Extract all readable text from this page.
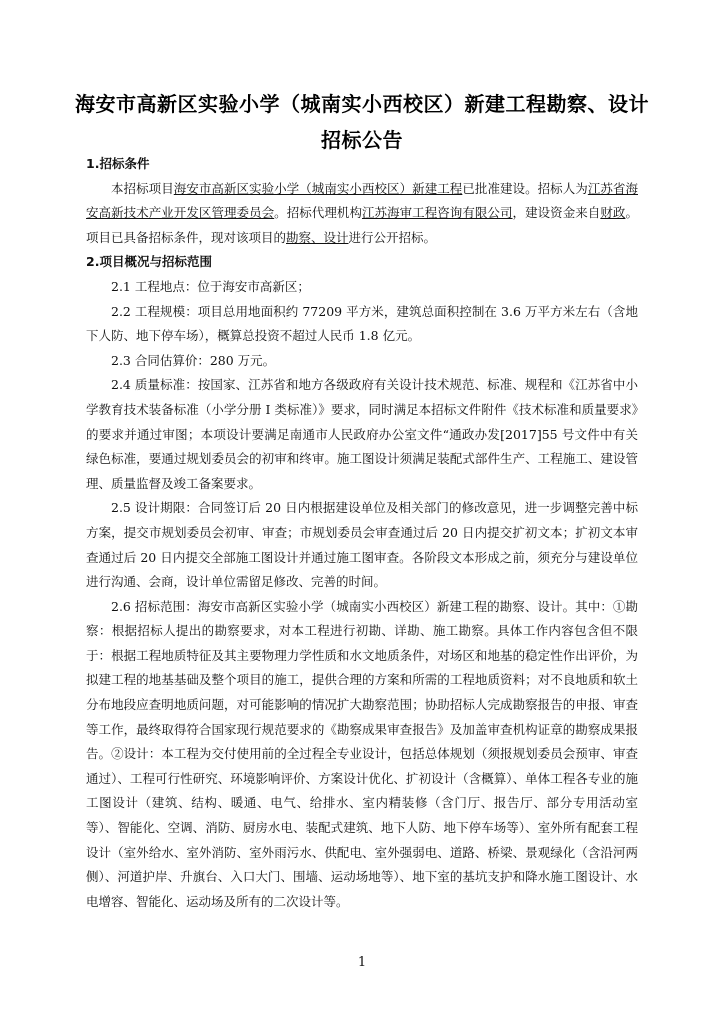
海安市高新区实验小学（城南实小西校区）新建工程勘察、设计
招标公告
1.招标条件

本招标项目海安市高新区实验小学（城南实小西校区）新建工程已批准建设。招标人为江苏省海安高新技术产业开发区管理委员会。招标代理机构江苏海审工程咨询有限公司，建设资金来自财政。项目已具备招标条件，现对该项目的勘察、设计进行公开招标。

2.项目概况与招标范围

2.1 工程地点：位于海安市高新区；

2.2 工程规模：项目总用地面积约 77209 平方米，建筑总面积控制在 3.6 万平方米左右（含地下人防、地下停车场），概算总投资不超过人民币 1.8 亿元。

2.3 合同估算价：280 万元。

2.4 质量标准：按国家、江苏省和地方各级政府有关设计技术规范、标准、规程和《江苏省中小学教育技术装备标准（小学分册 I 类标准）》要求，同时满足本招标文件附件《技术标准和质量要求》的要求并通过审图；本项设计要满足南通市人民政府办公室文件“通政办发[2017]55 号文件中有关绿色标准，要通过规划委员会的初审和终审。施工图设计须满足装配式部件生产、工程施工、建设管理、质量监督及竣工备案要求。

2.5 设计期限：合同签订后 20 日内根据建设单位及相关部门的修改意见，进一步调整完善中标方案，提交市规划委员会初审、审查；市规划委员会审查通过后 20 日内提交扩初文本；扩初文本审查通过后 20 日内提交全部施工图设计并通过施工图审查。各阶段文本形成之前，须充分与建设单位进行沟通、会商，设计单位需留足修改、完善的时间。

2.6 招标范围：海安市高新区实验小学（城南实小西校区）新建工程的勘察、设计。其中：①勘察：根据招标人提出的勘察要求，对本工程进行初勘、详勘、施工勘察。具体工作内容包含但不限于：根据工程地质特征及其主要物理力学性质和水文地质条件，对场区和地基的稳定性作出评价，为拟建工程的地基基础及整个项目的施工，提供合理的方案和所需的工程地质资料；对不良地质和软土分布地段应查明地质问题，对可能影响的情况扩大勘察范围；协助招标人完成勘察报告的申报、审查等工作，最终取得符合国家现行规范要求的《勘察成果审查报告》及加盖审查机构证章的勘察成果报告。②设计：本工程为交付使用前的全过程全专业设计，包括总体规划（须报规划委员会预审、审查通过）、工程可行性研究、环境影响评价、方案设计优化、扩初设计（含概算）、单体工程各专业的施工图设计（建筑、结构、暖通、电气、给排水、室内精装修（含门厅、报告厅、部分专用活动室等）、智能化、空调、消防、厨房水电、装配式建筑、地下人防、地下停车场等）、室外所有配套工程设计（室外给水、室外消防、室外雨污水、供配电、室外强弱电、道路、桥梁、景观绿化（含沿河两侧）、河道护岸、升旗台、入口大门、围墙、运动场地等）、地下室的基坑支护和降水施工图设计、水电增容、智能化、运动场及所有的二次设计等。

1
